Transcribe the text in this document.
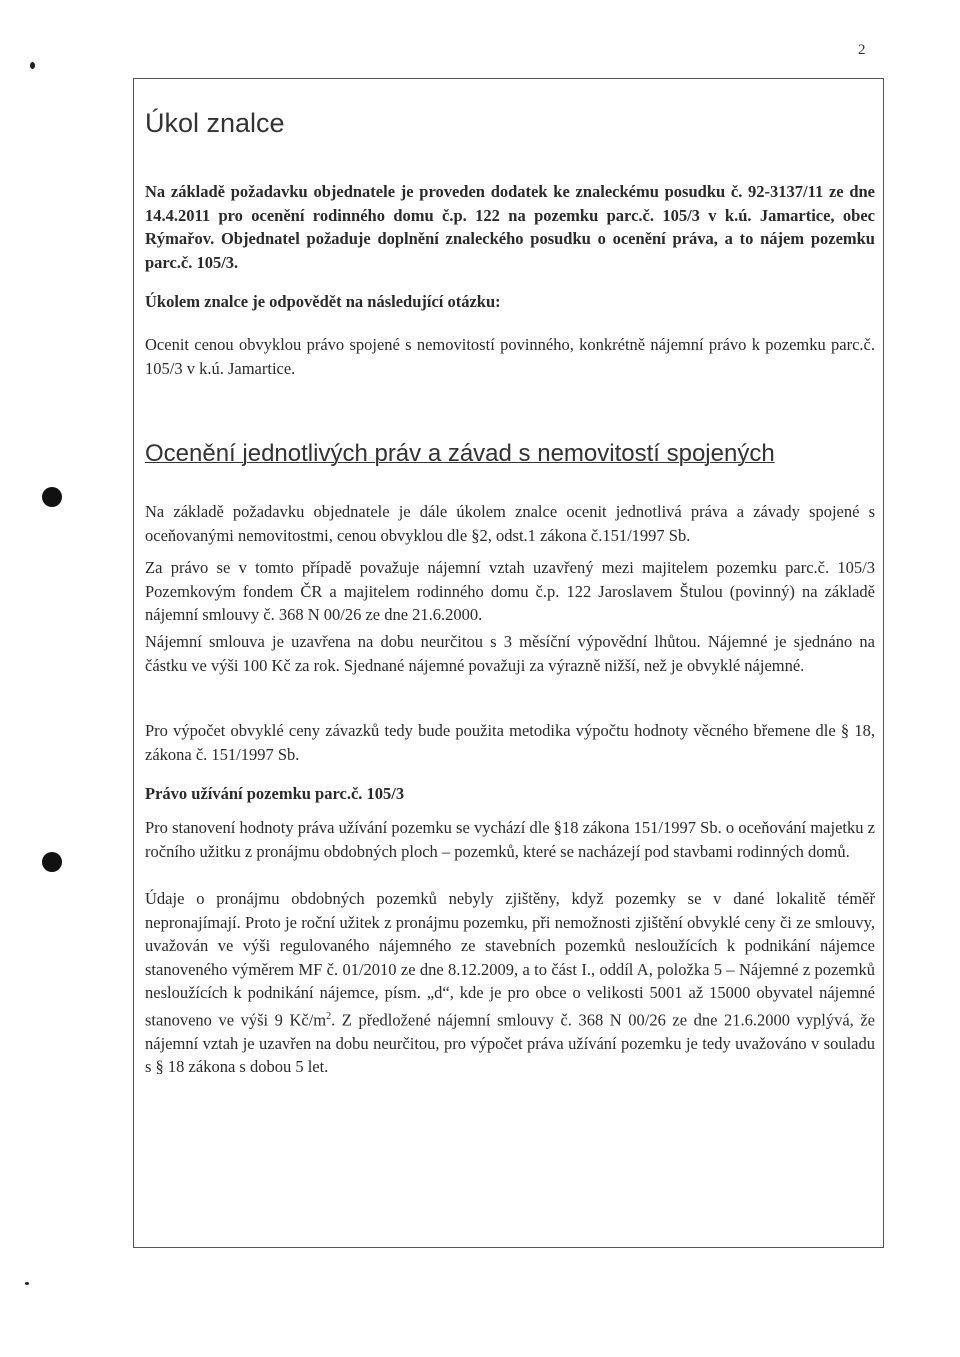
2
Úkol znalce

Na základě požadavku objednatele je proveden dodatek ke znaleckému posudku č. 92-3137/11 ze dne 14.4.2011 pro ocenění rodinného domu č.p. 122 na pozemku parc.č. 105/3 v k.ú. Jamartice, obec Rýmařov. Objednatel požaduje doplnění znaleckého posudku o ocenění práva, a to nájem pozemku parc.č. 105/3.

Úkolem znalce je odpovědět na následující otázku:

Ocenit cenou obvyklou právo spojené s nemovitostí povinného, konkrétně nájemní právo k pozemku parc.č. 105/3 v k.ú. Jamartice.

Ocenění jednotlivých práv a závad s nemovitostí spojených

Na základě požadavku objednatele je dále úkolem znalce ocenit jednotlivá práva a závady spojené s oceňovanými nemovitostmi, cenou obvyklou dle §2, odst.1 zákona č.151/1997 Sb.

Za právo se v tomto případě považuje nájemní vztah uzavřený mezi majitelem pozemku parc.č. 105/3 Pozemkovým fondem ČR a majitelem rodinného domu č.p. 122 Jaroslavem Štulou (povinný) na základě nájemní smlouvy č. 368 N 00/26 ze dne 21.6.2000.

Nájemní smlouva je uzavřena na dobu neurčitou s 3 měsíční výpovědní lhůtou. Nájemné je sjednáno na částku ve výši 100 Kč za rok. Sjednané nájemné považuji za výrazně nižší, než je obvyklé nájemné.

Pro výpočet obvyklé ceny závazků tedy bude použita metodika výpočtu hodnoty věcného břemene dle § 18, zákona č. 151/1997 Sb.

Právo užívání pozemku parc.č. 105/3

Pro stanovení hodnoty práva užívání pozemku se vychází dle §18 zákona 151/1997 Sb. o oceňování majetku z ročního užitku z pronájmu obdobných ploch – pozemků, které se nacházejí pod stavbami rodinných domů.

Údaje o pronájmu obdobných pozemků nebyly zjištěny, když pozemky se v dané lokalitě téměř nepronajímají. Proto je roční užitek z pronájmu pozemku, při nemožnosti zjištění obvyklé ceny či ze smlouvy, uvažován ve výši regulovaného nájemného ze stavebních pozemků nesloužících k podnikání nájemce stanoveného výměrem MF č. 01/2010 ze dne 8.12.2009, a to část I., oddíl A, položka 5 – Nájemné z pozemků nesloužících k podnikání nájemce, písm. „d“, kde je pro obce o velikosti 5001 až 15000 obyvatel nájemné stanoveno ve výši 9 $Kč/m^2$. Z předložené nájemní smlouvy č. 368 N 00/26 ze dne 21.6.2000 vyplývá, že nájemní vztah je uzavřen na dobu neurčitou, pro výpočet práva užívání pozemku je tedy uvažováno v souladu s § 18 zákona s dobou 5 let.
